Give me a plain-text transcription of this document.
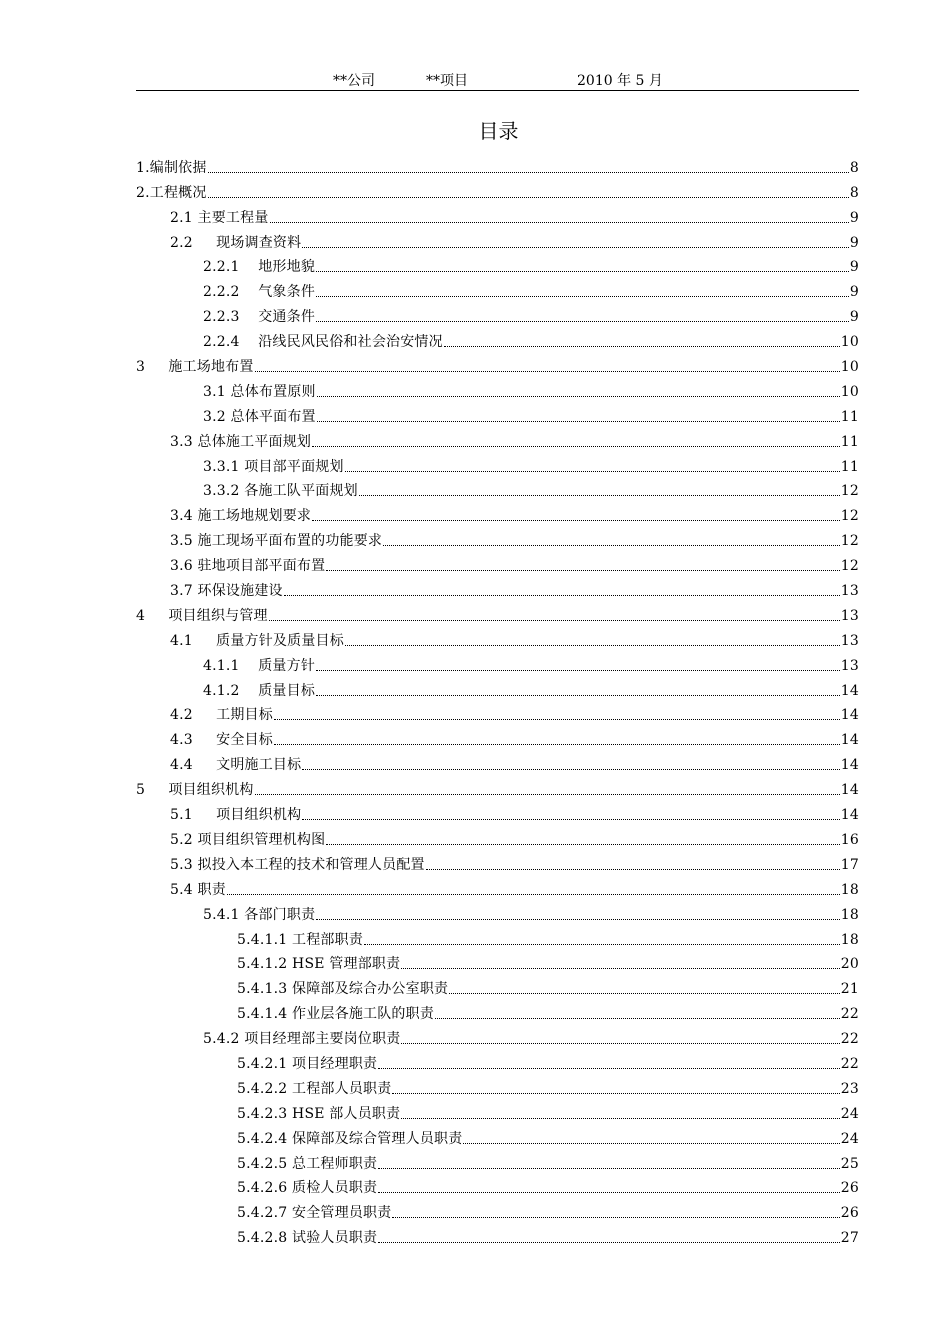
**公司	**项目	2010 年 5 月
目录
1.编制依据	8
2.工程概况	8
2.1 主要工程量	9
2.2     现场调查资料	9
2.2.1    地形地貌	9
2.2.2    气象条件	9
2.2.3    交通条件	9
2.2.4    沿线民风民俗和社会治安情况	10
3     施工场地布置	10
3.1 总体布置原则	10
3.2 总体平面布置	11
3.3 总体施工平面规划	11
3.3.1 项目部平面规划	11
3.3.2 各施工队平面规划	12
3.4 施工场地规划要求	12
3.5 施工现场平面布置的功能要求	12
3.6 驻地项目部平面布置	12
3.7 环保设施建设	13
4     项目组织与管理	13
4.1     质量方针及质量目标	13
4.1.1    质量方针	13
4.1.2    质量目标	14
4.2     工期目标	14
4.3     安全目标	14
4.4     文明施工目标	14
5     项目组织机构	14
5.1     项目组织机构	14
5.2 项目组织管理机构图	16
5.3 拟投入本工程的技术和管理人员配置	17
5.4 职责	18
5.4.1 各部门职责	18
5.4.1.1 工程部职责	18
5.4.1.2 HSE 管理部职责	20
5.4.1.3 保障部及综合办公室职责	21
5.4.1.4 作业层各施工队的职责	22
5.4.2 项目经理部主要岗位职责	22
5.4.2.1 项目经理职责	22
5.4.2.2 工程部人员职责	23
5.4.2.3 HSE 部人员职责	24
5.4.2.4 保障部及综合管理人员职责	24
5.4.2.5 总工程师职责	25
5.4.2.6 质检人员职责	26
5.4.2.7 安全管理员职责	26
5.4.2.8 试验人员职责	27
